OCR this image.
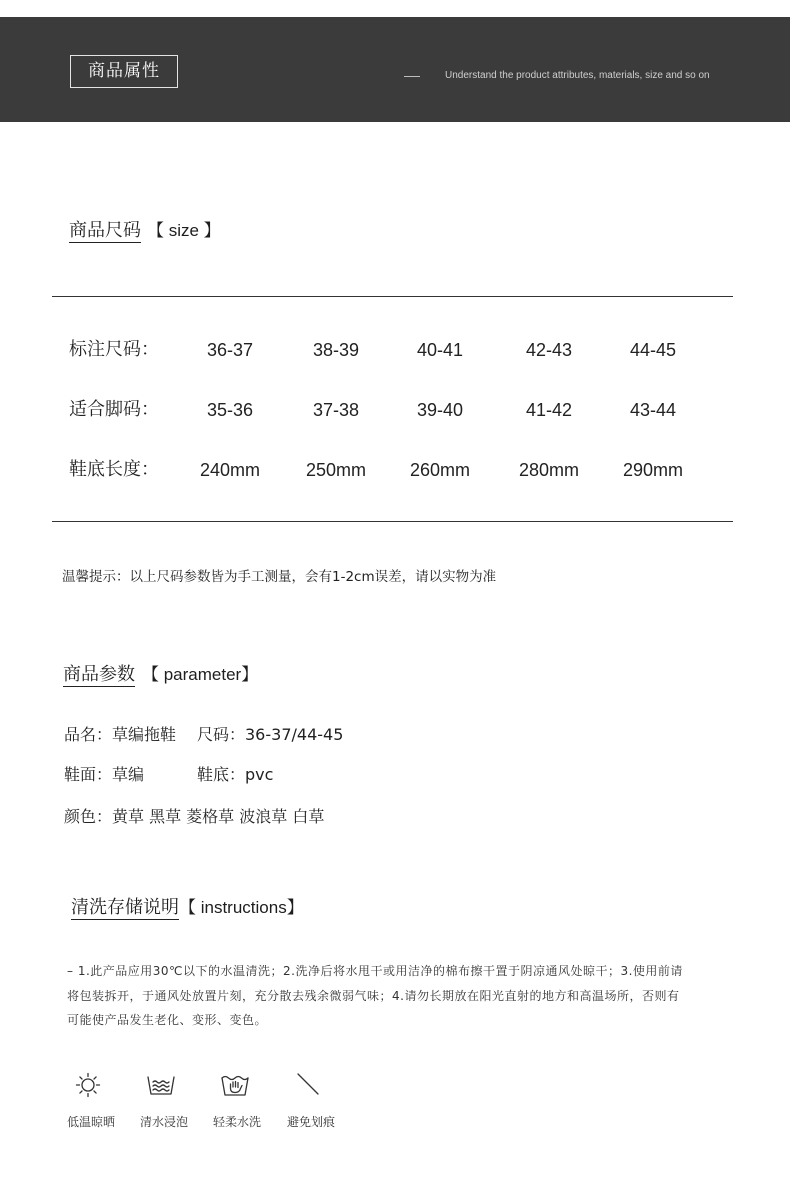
商品属性	Understand the product attributes, materials, size and so on
商品尺码 【 size 】
标注尺码：	36-37	38-39	40-41	42-43	44-45
适合脚码：	35-36	37-38	39-40	41-42	43-44
鞋底长度：	240mm	250mm	260mm	280mm	290mm
温馨提示：以上尺码参数皆为手工测量，会有1-2cm误差，请以实物为准
商品参数 【 parameter】
品名：草编拖鞋 尺码：36-37/44-45
鞋面：草编	鞋底：pvc
颜色：黄草 黑草 菱格草 波浪草 白草
清洗存储说明 【 instructions】
– 1.此产品应用30℃以下的水温清洗；2.洗净后将水甩干或用洁净的棉布擦干置于阴凉通风处晾干；3.使用前请
将包装拆开，于通风处放置片刻，充分散去残余微弱气味；4.请勿长期放在阳光直射的地方和高温场所，否则有
可能使产品发生老化、变形、变色。
低温晾晒	清水浸泡	轻柔水洗	避免划痕
